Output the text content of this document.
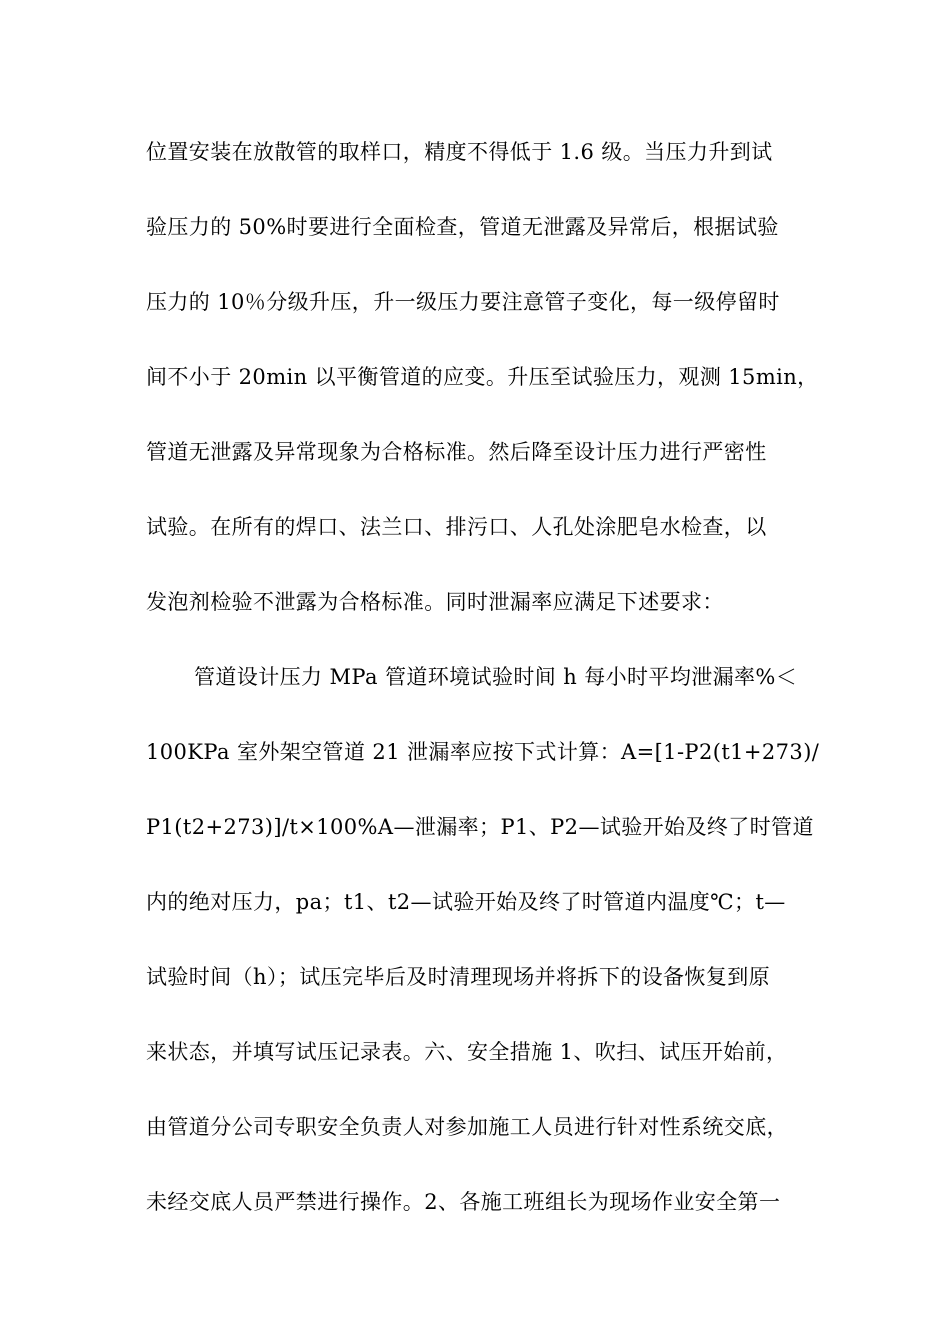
位置安装在放散管的取样口，精度不得低于 1.6 级。当压力升到试
验压力的 50%时要进行全面检查，管道无泄露及异常后，根据试验
压力的 10％分级升压，升一级压力要注意管子变化，每一级停留时
间不小于 20min 以平衡管道的应变。升压至试验压力，观测 15min，
管道无泄露及异常现象为合格标准。然后降至设计压力进行严密性
试验。在所有的焊口、法兰口、排污口、人孔处涂肥皂水检查，以
发泡剂检验不泄露为合格标准。同时泄漏率应满足下述要求：
管道设计压力 MPa 管道环境试验时间 h 每小时平均泄漏率%＜
100KPa 室外架空管道 21 泄漏率应按下式计算：A=[1-P2(t1+273)/
P1(t2+273)]/t×100%A—泄漏率；P1、P2—试验开始及终了时管道
内的绝对压力，pa；t1、t2—试验开始及终了时管道内温度℃；t—
试验时间（h）；试压完毕后及时清理现场并将拆下的设备恢复到原
来状态，并填写试压记录表。六、安全措施 1、吹扫、试压开始前，
由管道分公司专职安全负责人对参加施工人员进行针对性系统交底，
未经交底人员严禁进行操作。2、各施工班组长为现场作业安全第一
